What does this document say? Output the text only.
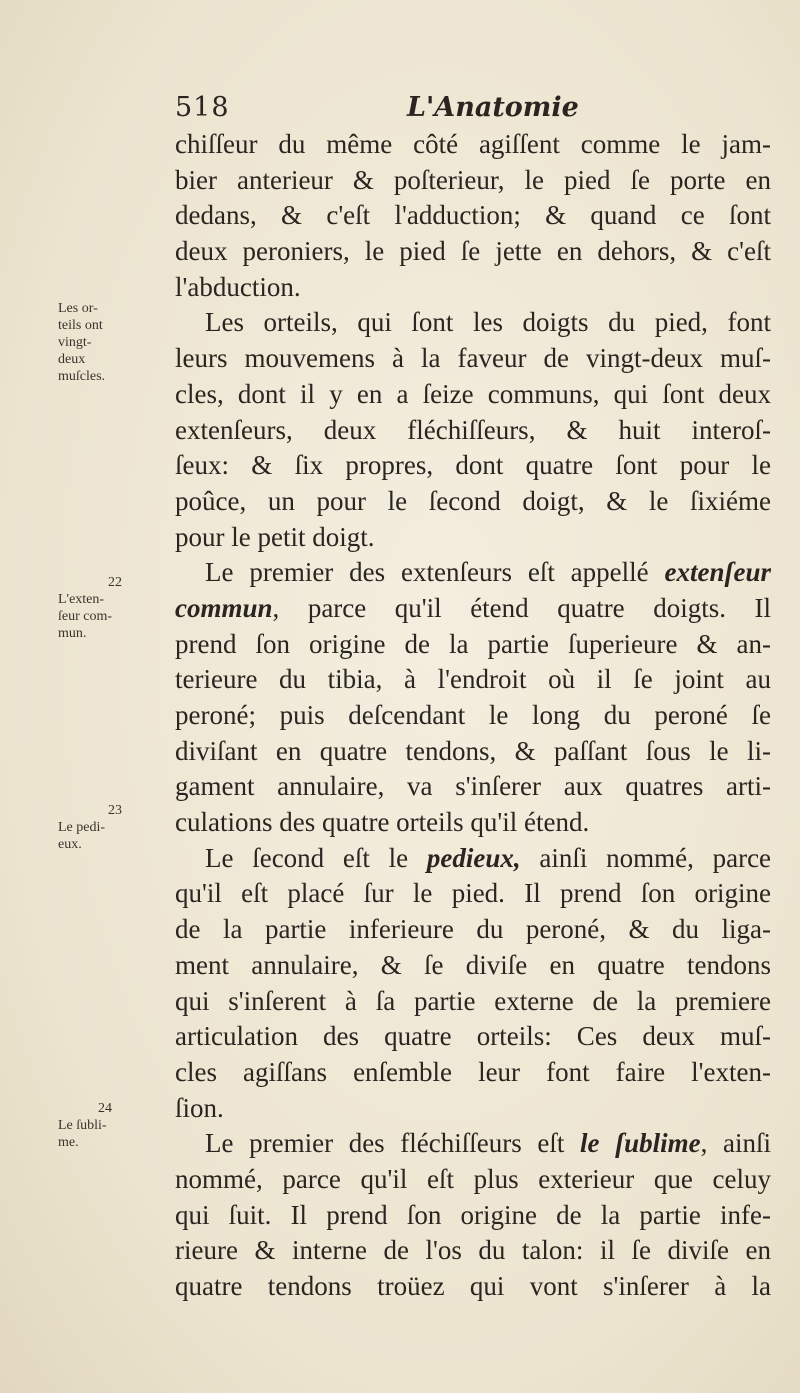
518	L'Anatomie
Les or-
teils ont
vingt-
deux
muſcles.
22
L'exten-
ſeur com-
mun.
23
Le pedi-
eux.
24
Le ſubli-
me.
chiſſeur du même côté agiſſent comme le jam-
bier anterieur & poſterieur, le pied ſe porte en
dedans, & c'eſt l'adduction; & quand ce ſont
deux peroniers, le pied ſe jette en dehors, & c'eſt
l'abduction.
Les orteils, qui ſont les doigts du pied, font
leurs mouvemens à la faveur de vingt-deux muſ-
cles, dont il y en a ſeize communs, qui ſont deux
extenſeurs, deux fléchiſſeurs, & huit interoſ-
ſeux: & ſix propres, dont quatre ſont pour le
poûce, un pour le ſecond doigt, & le ſixiéme
pour le petit doigt.
Le premier des extenſeurs eſt appellé extenſeur
commun, parce qu'il étend quatre doigts. Il
prend ſon origine de la partie ſuperieure & an-
terieure du tibia, à l'endroit où il ſe joint au
peroné; puis deſcendant le long du peroné ſe
diviſant en quatre tendons, & paſſant ſous le li-
gament annulaire, va s'inſerer aux quatres arti-
culations des quatre orteils qu'il étend.
Le ſecond eſt le pedieux, ainſi nommé, parce
qu'il eſt placé ſur le pied. Il prend ſon origine
de la partie inferieure du peroné, & du liga-
ment annulaire, & ſe diviſe en quatre tendons
qui s'inſerent à ſa partie externe de la premiere
articulation des quatre orteils: Ces deux muſ-
cles agiſſans enſemble leur font faire l'exten-
ſion.
Le premier des fléchiſſeurs eſt le ſublime, ainſi
nommé, parce qu'il eſt plus exterieur que celuy
qui ſuit. Il prend ſon origine de la partie infe-
rieure & interne de l'os du talon: il ſe diviſe en
quatre tendons troüez qui vont s'inſerer à la
